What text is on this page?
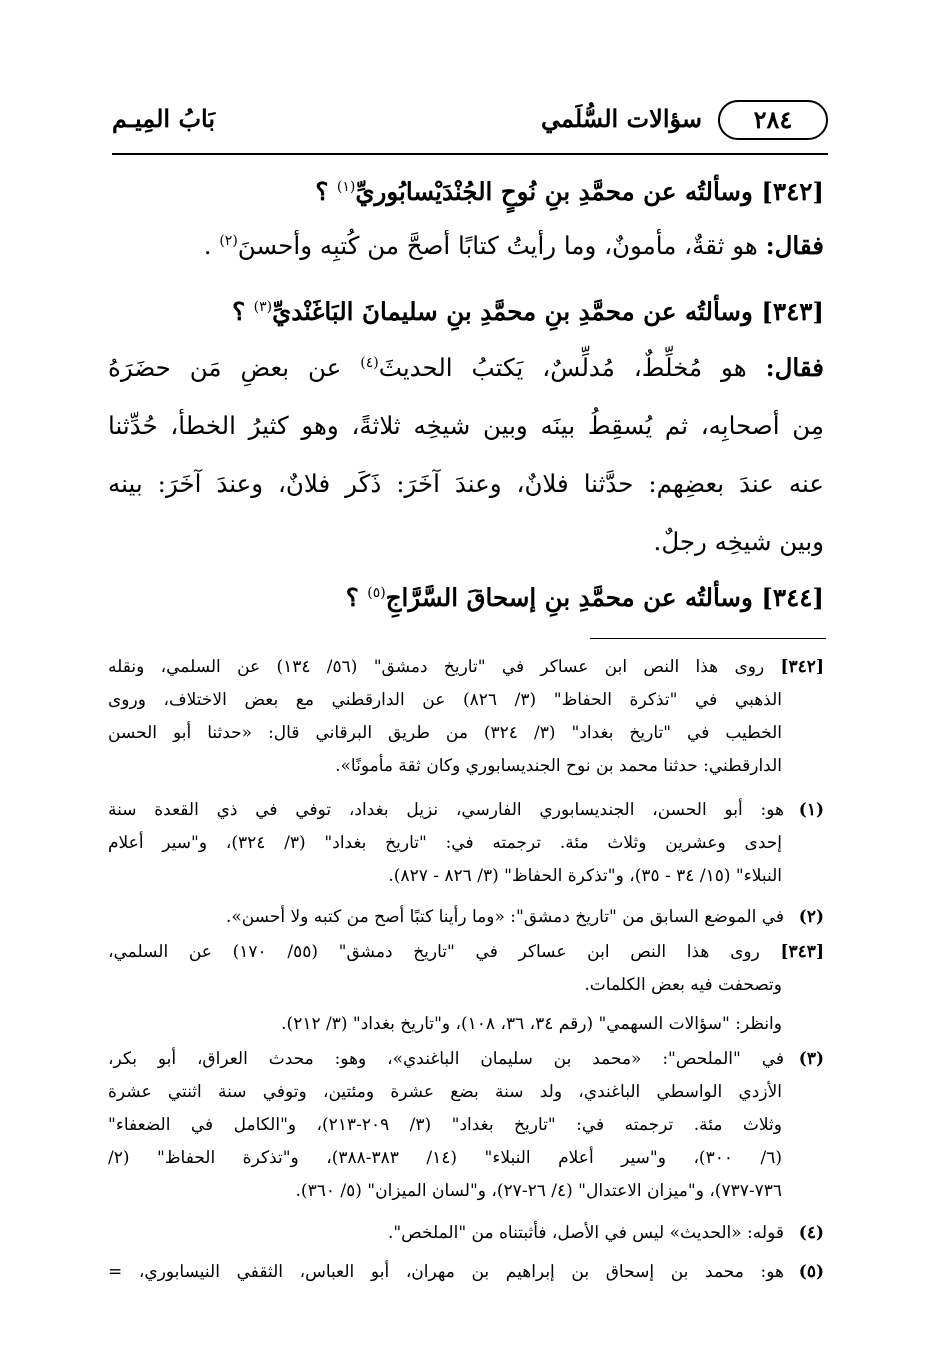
٢٨٤
سؤالات السُّلَمي
بَابُ المِيـم
[٣٤٢] وسألتُه عن محمَّدِ بنِ نُوحٍ الجُنْدَيْسابُوريِّ$^{(١)}$ ؟
فقال: هو ثقةٌ، مأمونٌ، وما رأيتُ كتابًا أصحَّ من كُتبِه وأحسنَ$^{(٢)}$ .
[٣٤٣] وسألتُه عن محمَّدِ بنِ محمَّدِ بنِ سليمانَ البَاغَنْديِّ$^{(٣)}$ ؟
فقال: هو مُخلِّطٌ، مُدلِّسٌ، يَكتبُ الحديثَ$^{(٤)}$ عن بعضِ مَن حضَرَهُ
مِن أصحابِه، ثم يُسقِطُ بينَه وبين شيخِه ثلاثةً، وهو كثيرُ الخطأ، حُدِّثنا
عنه عندَ بعضِهم: حدَّثنا فلانٌ، وعندَ آخَرَ: ذَكَر فلانٌ، وعندَ آخَرَ: بينه
وبين شيخِه رجلٌ.
[٣٤٤] وسألتُه عن محمَّدِ بنِ إسحاقَ السَّرَّاجِ$^{(٥)}$ ؟
[٣٤٢] روى هذا النص ابن عساكر في "تاريخ دمشق" (٥٦/ ١٣٤) عن السلمي، ونقله
الذهبي في "تذكرة الحفاظ" (٣/ ٨٢٦) عن الدارقطني مع بعض الاختلاف، وروى
الخطيب في "تاريخ بغداد" (٣/ ٣٢٤) من طريق البرقاني قال: «حدثنا أبو الحسن
الدارقطني: حدثنا محمد بن نوح الجنديسابوري وكان ثقة مأمونًا».
(١)هو: أبو الحسن، الجنديسابوري الفارسي، نزيل بغداد، توفي في ذي القعدة سنة
إحدى وعشرين وثلاث مئة. ترجمته في: "تاريخ بغداد" (٣/ ٣٢٤)، و"سير أعلام
النبلاء" (١٥/ ٣٤ - ٣٥)، و"تذكرة الحفاظ" (٣/ ٨٢٦ - ٨٢٧).
(٢)في الموضع السابق من "تاريخ دمشق": «وما رأينا كتبًا أصح من كتبه ولا أحسن».
[٣٤٣] روى هذا النص ابن عساكر في "تاريخ دمشق" (٥٥/ ١٧٠) عن السلمي،
وتصحفت فيه بعض الكلمات.
وانظر: "سؤالات السهمي" (رقم ٣٤، ٣٦، ١٠٨)، و"تاريخ بغداد" (٣/ ٢١٢).
(٣)في "الملحص": «محمد بن سليمان الباغندي»، وهو: محدث العراق، أبو بكر،
الأزدي الواسطي الباغندي، ولد سنة بضع عشرة ومئتين، وتوفي سنة اثنتي عشرة
وثلاث مئة. ترجمته في: "تاريخ بغداد" (٣/ ٢٠٩-٢١٣)، و"الكامل في الضعفاء"
(٦/ ٣٠٠)، و"سير أعلام النبلاء" (١٤/ ٣٨٣-٣٨٨)، و"تذكرة الحفاظ" (٢/
٧٣٦-٧٣٧)، و"ميزان الاعتدال" (٤/ ٢٦-٢٧)، و"لسان الميزان" (٥/ ٣٦٠).
(٤)قوله: «الحديث» ليس في الأصل، فأثبتناه من "الملخص".
(٥)هو: محمد بن إسحاق بن إبراهيم بن مهران، أبو العباس، الثقفي النيسابوري، =
